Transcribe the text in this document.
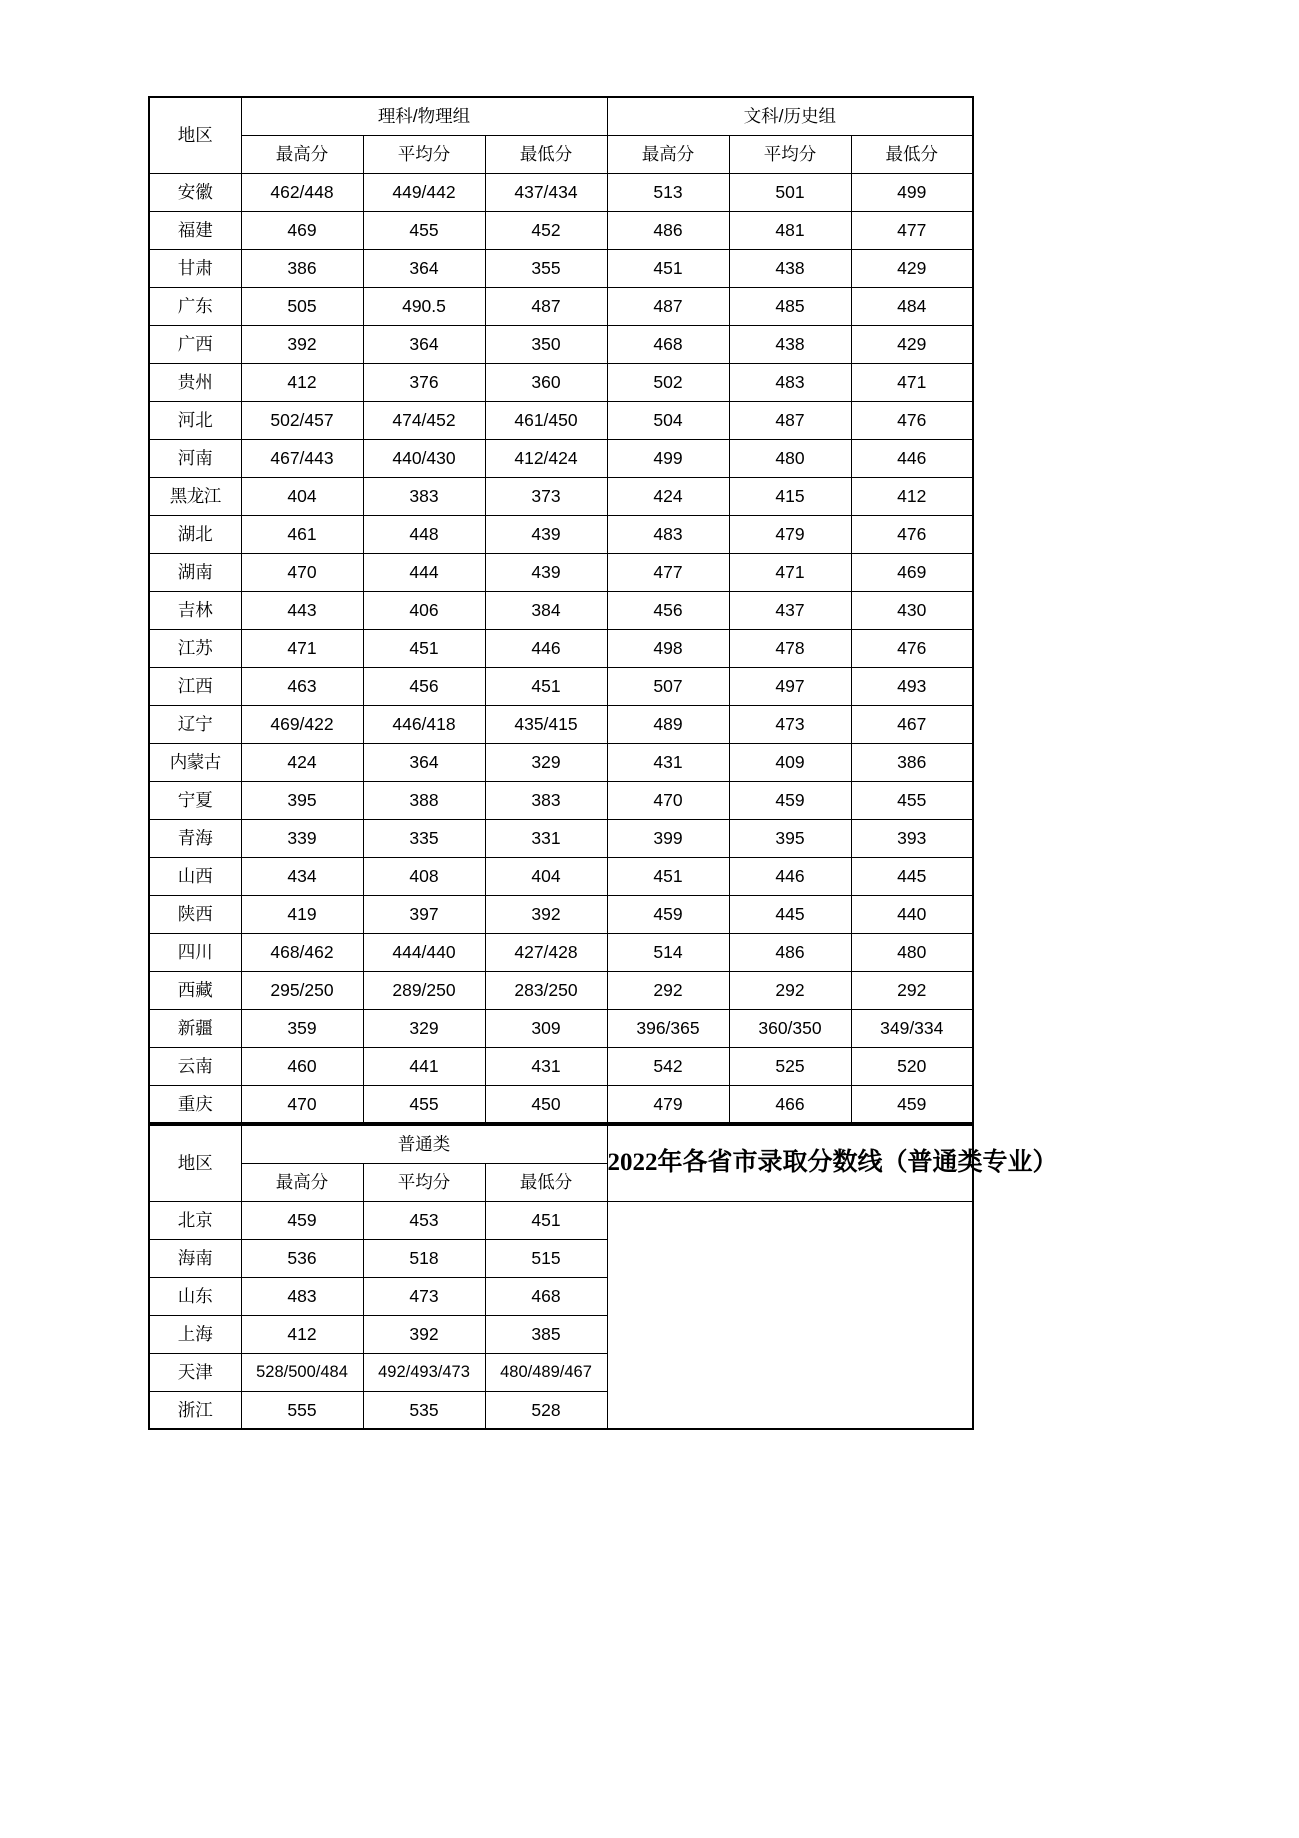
地区	理科/物理组			文科/历史组		
	最高分	平均分	最低分	最高分	平均分	最低分
安徽	462/448	449/442	437/434	513	501	499
福建	469	455	452	486	481	477
甘肃	386	364	355	451	438	429
广东	505	490.5	487	487	485	484
广西	392	364	350	468	438	429
贵州	412	376	360	502	483	471
河北	502/457	474/452	461/450	504	487	476
河南	467/443	440/430	412/424	499	480	446
黑龙江	404	383	373	424	415	412
湖北	461	448	439	483	479	476
湖南	470	444	439	477	471	469
吉林	443	406	384	456	437	430
江苏	471	451	446	498	478	476
江西	463	456	451	507	497	493
辽宁	469/422	446/418	435/415	489	473	467
内蒙古	424	364	329	431	409	386
宁夏	395	388	383	470	459	455
青海	339	335	331	399	395	393
山西	434	408	404	451	446	445
陕西	419	397	392	459	445	440
四川	468/462	444/440	427/428	514	486	480
西藏	295/250	289/250	283/250	292	292	292
新疆	359	329	309	396/365	360/350	349/334
云南	460	441	431	542	525	520
重庆	470	455	450	479	466	459
地区	普通类			2022年各省市录取分数线（普通类专业）

	最高分	平均分	最低分	
北京	459	453	451	
海南	536	518	515	
山东	483	473	468	
上海	412	392	385	
天津	528/500/484	492/493/473	480/489/467	
浙江	555	535	528	
